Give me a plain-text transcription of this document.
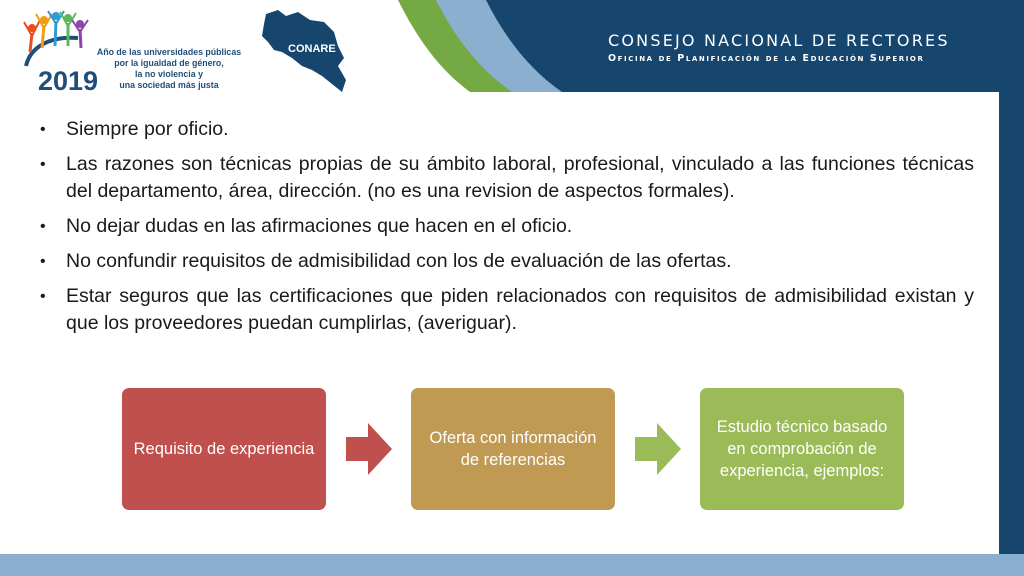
CONSEJO NACIONAL DE RECTORES
Oficina de Planificación de la Educación Superior
2019
Año de las universidades públicas
por la igualdad de género,
la no violencia y
una sociedad más justa
CONARE
•	Siempre por oficio.
•	Las razones son técnicas propias de su ámbito laboral, profesional, vinculado a las funciones técnicas del departamento, área, dirección. (no es una revision de aspectos formales).
•	No dejar dudas en las afirmaciones que hacen en el oficio.
•	No confundir requisitos de admisibilidad con los de evaluación de las ofertas.
•	Estar seguros que las certificaciones que piden relacionados con requisitos de admisibilidad existan y que los proveedores puedan cumplirlas, (averiguar).
Requisito de experiencia
Oferta con información de referencias
Estudio técnico basado en comprobación de experiencia, ejemplos:
